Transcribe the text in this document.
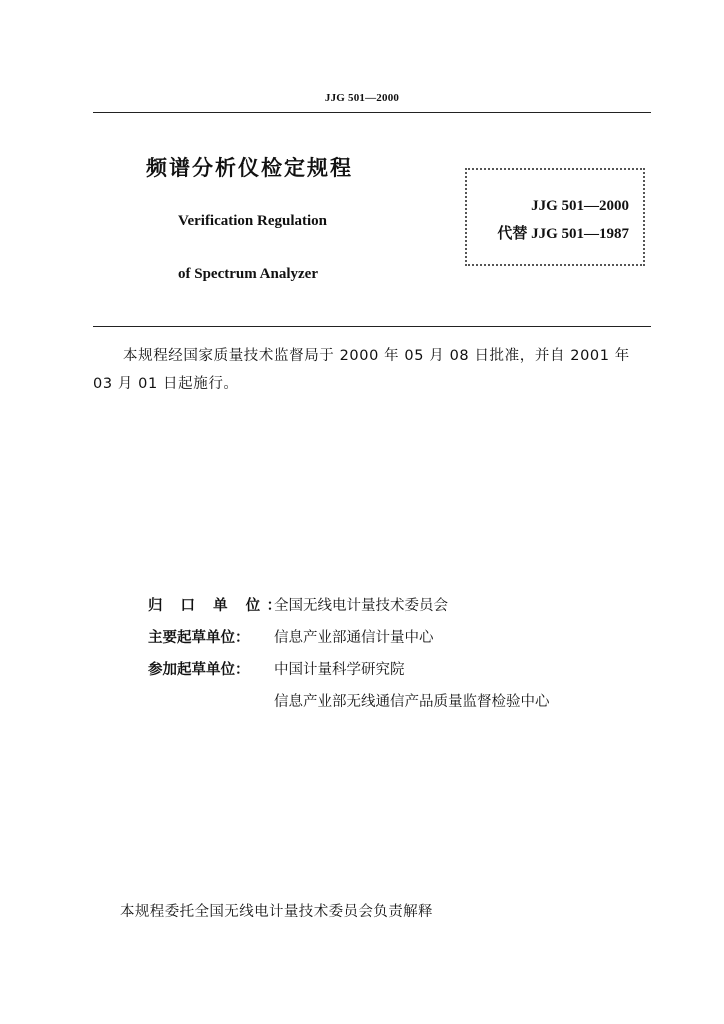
JJG 501—2000
频谱分析仪检定规程
Verification Regulation
of Spectrum Analyzer
JJG 501—2000
代替 JJG 501—1987
本规程经国家质量技术监督局于 2000 年 05 月 08 日批准，并自 2001 年 03 月 01 日起施行。
归 口 单 位：全国无线电计量技术委员会
主要起草单位： 信息产业部通信计量中心
参加起草单位： 中国计量科学研究院
信息产业部无线通信产品质量监督检验中心
本规程委托全国无线电计量技术委员会负责解释
